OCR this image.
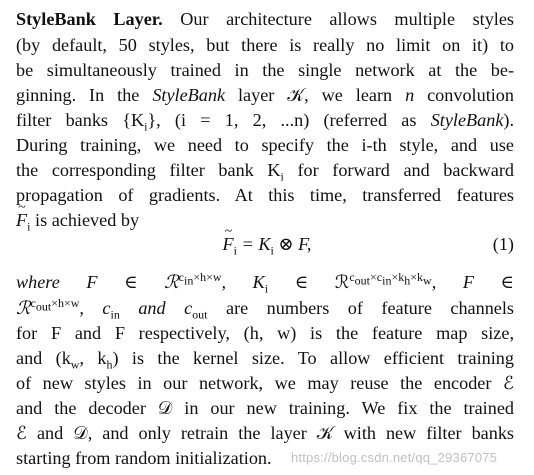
StyleBank Layer. Our architecture allows multiple styles
(by default, 50 styles, but there is really no limit on it) to
be simultaneously trained in the single network at the be-
ginning. In the StyleBank layer 𝒦, we learn n convolution
filter banks $\{K_i\}$, (i = 1, 2, ...n) (referred as StyleBank).
During training, we need to specify the i-th style, and use
the corresponding filter bank $K_i$ for forward and backward
propagation of gradients. At this time, transferred features
~ $F_i$ is achieved by
~ $F_i = K_i$ ⊗ F,	(1)
where F ∈ ℛ$^{c_{in}\times h\times w}$, $K_i$ ∈ ℛ$^{c_{out}\times c_{in}\times k_h\times k_w}$, F ∈
ℛ$^{c_{out}\times h\times w}$, $c_{in}$ and $c_{out}$ are numbers of feature channels
for F and F respectively, (h, w) is the feature map size,
and ($k_w$, $k_h$) is the kernel size. To allow efficient training
of new styles in our network, we may reuse the encoder ℰ
and the decoder 𝒟 in our new training. We fix the trained
ℰ and 𝒟, and only retrain the layer 𝒦 with new filter banks
starting from random initialization.	https://blog.csdn.net/qq_29367075
